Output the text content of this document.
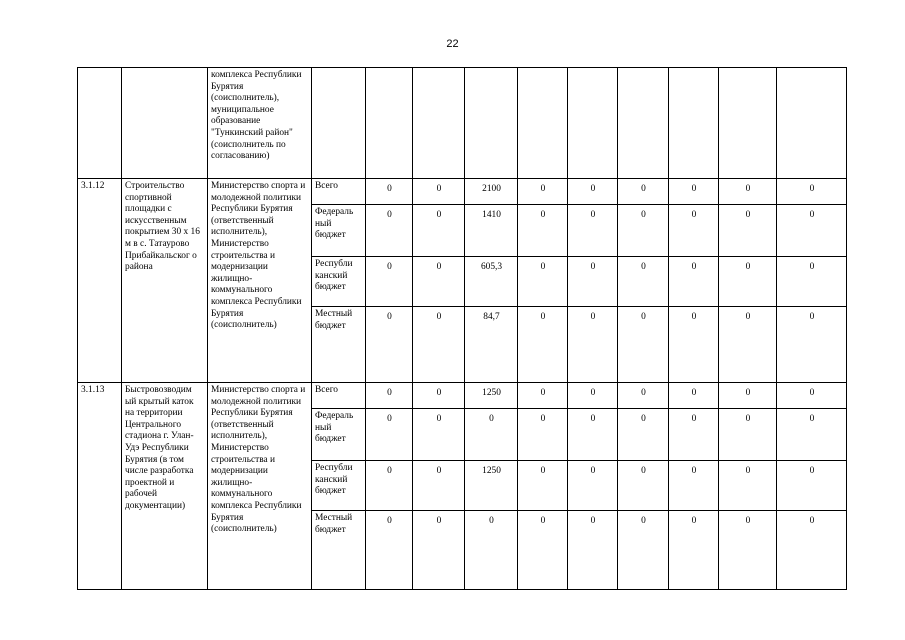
22
		комплекса Республики Бурятия (соисполнитель), муниципальное образование "Тункинский район" (соисполнитель по согласованию)										
3.1.12	Строительство спортивной площадки с искусственным покрытием 30 х 16 м в с. Татаурово Прибайкальског о района	Министерство спорта и молодежной политики Республики Бурятия (ответственный исполнитель), Министерство строительства и модернизации жилищно-коммунального комплекса Республики Бурятия (соисполнитель)	Всего	0	0	2100	0	0	0	0	0	0
			Федераль ный бюджет	0	0	1410	0	0	0	0	0	0
			Республи канский бюджет	0	0	605,3	0	0	0	0	0	0
			Местный бюджет	0	0	84,7	0	0	0	0	0	0
3.1.13	Быстровозводим ый крытый каток на территории Центрального стадиона г. Улан-Удэ Республики Бурятия (в том числе разработка проектной и рабочей документации)	Министерство спорта и молодежной политики Республики Бурятия (ответственный исполнитель), Министерство строительства и модернизации жилищно-коммунального комплекса Республики Бурятия (соисполнитель)	Всего	0	0	1250	0	0	0	0	0	0
			Федераль ный бюджет	0	0	0	0	0	0	0	0	0
			Республи канский бюджет	0	0	1250	0	0	0	0	0	0
			Местный бюджет	0	0	0	0	0	0	0	0	0
